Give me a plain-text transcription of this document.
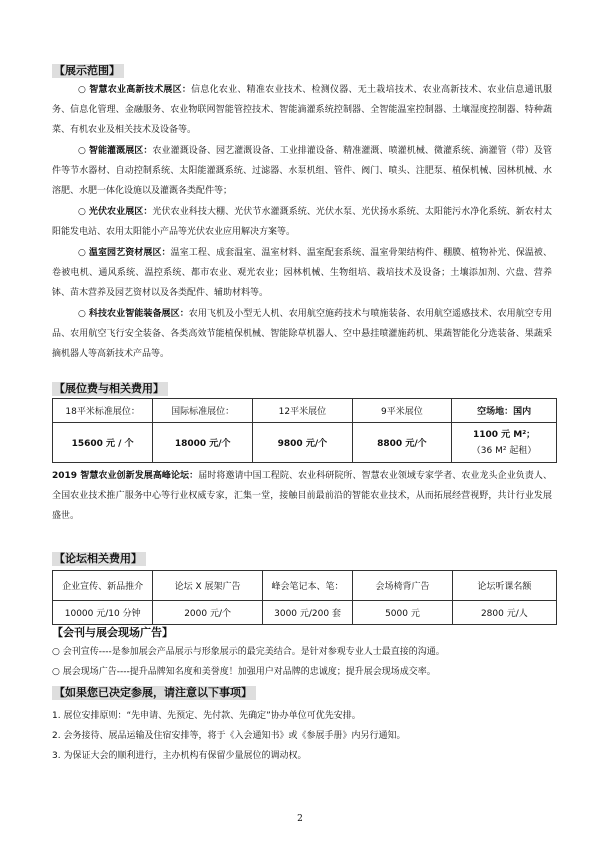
【展示范围】
○ 智慧农业高新技术展区：信息化农业、精准农业技术、检测仪器、无土栽培技术、农业高新技术、农业信息通讯服务、信息化管理、金融服务、农业物联网智能管控技术、智能滴灌系统控制器、全智能温室控制器、土壤湿度控制器、特种蔬菜、有机农业及相关技术及设备等。
○ 智能灌溉展区：农业灌溉设备、园艺灌溉设备、工业排灌设备、精准灌溉、喷灌机械、微灌系统、滴灌管（带）及管件等节水器材、自动控制系统、太阳能灌溉系统、过滤器、水泵机组、管件、阀门、喷头、注肥泵、植保机械、园林机械、水溶肥、水肥一体化设施以及灌溉各类配件等；
○ 光伏农业展区：光伏农业科技大棚、光伏节水灌溉系统、光伏水泵、光伏扬水系统、太阳能污水净化系统、新农村太阳能发电站、农用太阳能小产品等光伏农业应用解决方案等。
○ 温室园艺资材展区：温室工程、成套温室、温室材料、温室配套系统、温室骨架结构件、棚膜、植物补光、保温被、卷被电机、通风系统、温控系统、都市农业、观光农业；园林机械、生物组培、栽培技术及设备；土壤添加剂、穴盘、营养钵、苗木营养及园艺资材以及各类配件、辅助材料等。
○ 科技农业智能装备展区：农用飞机及小型无人机、农用航空施药技术与喷施装备、农用航空遥感技术、农用航空专用品、农用航空飞行安全装备、各类高效节能植保机械、智能除草机器人、空中悬挂喷灌施药机、果蔬智能化分选装备、果蔬采摘机器人等高新技术产品等。
【展位费与相关费用】
18平米标准展位：	国际标准展位：	12平米展位	9平米展位	空场地：国内
15600 元 / 个	18000 元/个	9800 元/个	8800 元/个	1100 元 M²；
（36 M² 起租）
2019 智慧农业创新发展高峰论坛：届时将邀请中国工程院、农业科研院所、智慧农业领域专家学者、农业龙头企业负责人、全国农业技术推广服务中心等行业权威专家，汇集一堂，接触目前最前沿的智能农业技术，从而拓展经营视野，共计行业发展盛世。
【论坛相关费用】
企业宣传、新品推介	论坛 X 展架广告	峰会笔记本、笔：	会场椅背广告	论坛听课名额
10000 元/10 分钟	2000 元/个	3000 元/200 套	5000 元	2800 元/人
【会刊与展会现场广告】
○ 会刊宣传----是参加展会产品展示与形象展示的最完美结合。是针对参观专业人士最直接的沟通。
○ 展会现场广告----提升品牌知名度和美誉度！加强用户对品牌的忠诚度；提升展会现场成交率。
【如果您已决定参展，请注意以下事项】
1. 展位安排原则：“先申请、先预定、先付款、先确定”协办单位可优先安排。
2. 会务接待、展品运输及住宿安排等，将于《入会通知书》或《参展手册》内另行通知。
3. 为保证大会的顺利进行，主办机构有保留少量展位的调动权。
2
